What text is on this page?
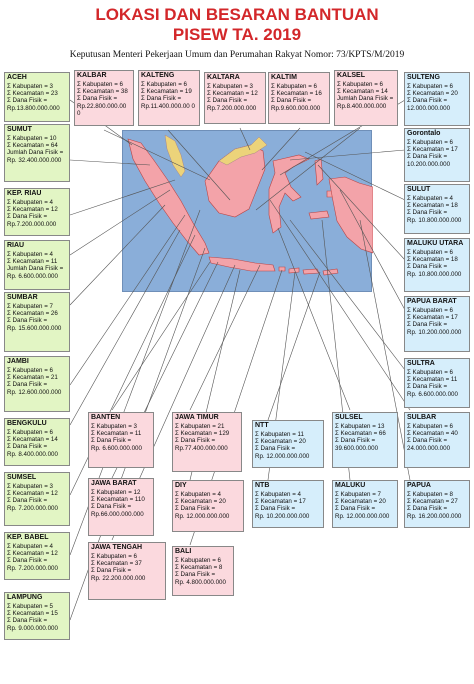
LOKASI DAN BESARAN BANTUAN
PISEW TA. 2019
Keputusan Menteri Pekerjaan Umum dan Perumahan Rakyat Nomor: 73/KPTS/M/2019
ACEH
Σ Kabupaten = 3
Σ Kecamatan = 23
Σ Dana Fisik =
Rp.13.800.000.000
SUMUT
Σ Kabupaten = 10
Σ Kecamatan = 64
Jumlah Dana Fisik =
Rp. 32.400.000.000
KEP. RIAU
Σ Kabupaten = 4
Σ Kecamatan = 12
Σ Dana Fisik =
Rp.7.200.000.000
RIAU
Σ Kabupaten = 4
Σ Kecamatan = 11
Jumlah Dana Fisik =
Rp. 6.600.000.000
SUMBAR
Σ Kabupaten = 7
Σ Kecamatan = 26
Σ Dana Fisik =
Rp. 15.600.000.000
JAMBI
Σ Kabupaten = 6
Σ Kecamatan = 21
Σ Dana Fisik =
Rp. 12.600.000.000
BENGKULU
Σ Kabupaten = 6
Σ Kecamatan = 14
Σ Dana Fisik =
Rp. 8.400.000.000
SUMSEL
Σ Kabupaten = 3
Σ Kecamatan = 12
Σ Dana Fisik =
Rp. 7.200.000.000
KEP. BABEL
Σ Kabupaten = 4
Σ Kecamatan = 12
Σ Dana Fisik =
Rp. 7.200.000.000
LAMPUNG
Σ Kabupaten = 5
Σ Kecamatan = 15
Σ Dana Fisik =
Rp. 9.000.000.000
KALBAR
Σ Kabupaten = 6
Σ Kecamatan = 38
Σ Dana Fisik =
Rp.22.800.000.00 0
KALTENG
Σ Kabupaten = 6
Σ Kecamatan = 19
Σ Dana Fisik =
Rp.11.400.000.00 0
KALTARA
Σ Kabupaten = 3
Σ Kecamatan = 12
Σ Dana Fisik =
Rp.7.200.000.000
KALTIM
Σ Kabupaten = 6
Σ Kecamatan = 16
Σ Dana Fisik =
Rp.9.600.000.000
KALSEL
Σ Kabupaten = 6
Σ Kecamatan = 14
Jumlah Dana Fisik =
Rp.8.400.000.000
SULTENG
Σ Kabupaten = 6
Σ Kecamatan = 20
Σ Dana Fisik =
12.000.000.000
Gorontalo
Σ Kabupaten = 6
Σ Kecamatan = 17
Σ Dana Fisik =
10.200.000.000
SULUT
Σ Kabupaten = 4
Σ Kecamatan = 18
Σ Dana Fisik =
Rp. 10.800.000.000
MALUKU UTARA
Σ Kabupaten = 6
Σ Kecamatan = 18
Σ Dana Fisik =
Rp. 10.800.000.000
PAPUA BARAT
Σ Kabupaten = 6
Σ Kecamatan = 17
Σ Dana Fisik =
Rp. 10.200.000.000
SULTRA
Σ Kabupaten = 6
Σ Kecamatan = 11
Σ Dana Fisik =
Rp. 6.600.000.000
BANTEN
Σ Kabupaten = 3
Σ Kecamatan = 11
Σ Dana Fisik =
Rp. 6.600.000.000
JAWA BARAT
Σ Kabupaten = 12
Σ Kecamatan = 110
Σ Dana Fisik =
Rp.66.000.000.000
JAWA TENGAH
Σ Kabupaten = 6
Σ Kecamatan = 37
Σ Dana Fisik =
Rp. 22.200.000.000
JAWA TIMUR
Σ Kabupaten = 21
Σ Kecamatan = 129
Σ Dana Fisik =
Rp.77.400.000.000
DIY
Σ Kabupaten = 4
Σ Kecamatan = 20
Σ Dana Fisik =
Rp. 12.000.000.000
BALI
Σ Kabupaten = 6
Σ Kecamatan = 8
Σ Dana Fisik =
Rp. 4.800.000.000
NTT
Σ Kabupaten = 11
Σ Kecamatan = 20
Σ Dana Fisik =
Rp. 12.000.000.000
NTB
Σ Kabupaten = 4
Σ Kecamatan = 17
Σ Dana Fisik =
Rp. 10.200.000.000
SULSEL
Σ Kabupaten = 13
Σ Kecamatan = 66
Σ Dana Fisik =
39.600.000.000
MALUKU
Σ Kabupaten = 7
Σ Kecamatan = 20
Σ Dana Fisik =
Rp. 12.000.000.000
SULBAR
Σ Kabupaten = 6
Σ Kecamatan = 40
Σ Dana Fisik =
24.000.000.000
PAPUA
Σ Kabupaten = 8
Σ Kecamatan = 27
Σ Dana Fisik =
Rp. 16.200.000.000
